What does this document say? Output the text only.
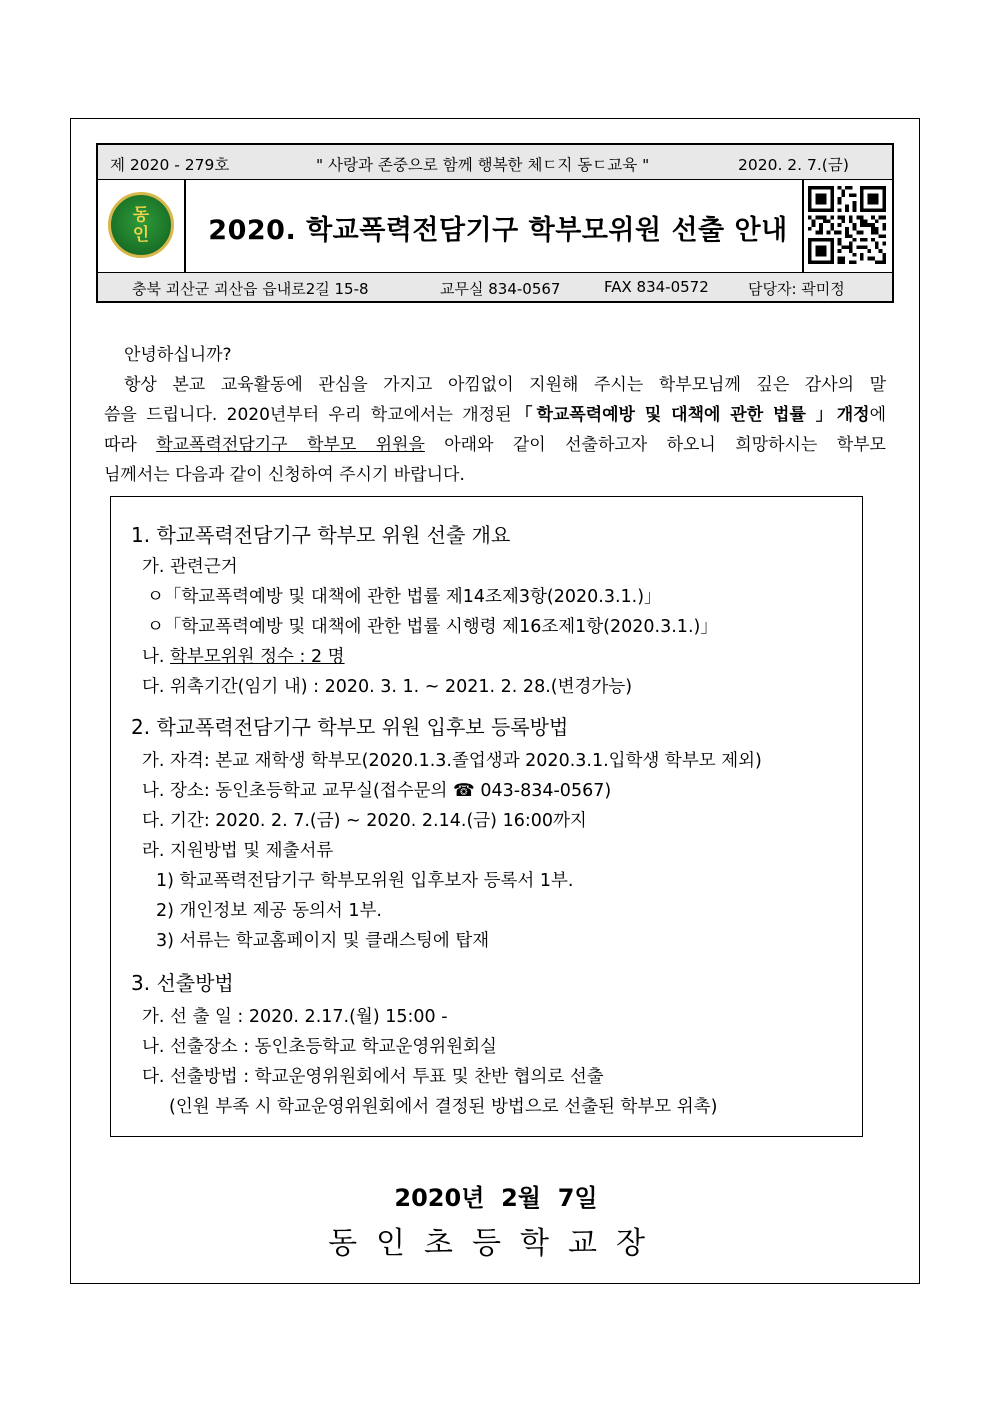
제 2020 - 279호	" 사랑과 존중으로 함께 행복한 체ㄷ지 동ㄷ교육 "	2020. 2. 7.(금)
동
인	2020. 학교폭력전담기구 학부모위원 선출 안내
충북 괴산군 괴산읍 읍내로2길 15-8	교무실 834-0567	FAX 834-0572	담당자: 곽미정

안녕하십니까?

항상 본교 교육활동에 관심을 가지고 아낌없이 지원해 주시는 학부모님께 깊은 감사의 말

씀을 드립니다. 2020년부터 우리 학교에서는 개정된「학교폭력예방 및 대책에 관한 법률 」개정에

따라 학교폭력전담기구 학부모 위원을 아래와 같이 선출하고자 하오니 희망하시는 학부모

님께서는 다음과 같이 신청하여 주시기 바랍니다.

1. 학교폭력전담기구 학부모 위원 선출 개요
가. 관련근거
ㅇ「학교폭력예방 및 대책에 관한 법률 제14조제3항(2020.3.1.)」
ㅇ「학교폭력예방 및 대책에 관한 법률 시행령 제16조제1항(2020.3.1.)」
나. 학부모위원 정수 : 2 명
다. 위촉기간(임기 내) : 2020. 3. 1. ~ 2021. 2. 28.(변경가능)
2. 학교폭력전담기구 학부모 위원 입후보 등록방법
가. 자격: 본교 재학생 학부모(2020.1.3.졸업생과 2020.3.1.입학생 학부모 제외)
나. 장소: 동인초등학교 교무실(접수문의 ☎ 043-834-0567)
다. 기간: 2020. 2. 7.(금) ~ 2020. 2.14.(금) 16:00까지
라. 지원방법 및 제출서류
1) 학교폭력전담기구 학부모위원 입후보자 등록서 1부.
2) 개인정보 제공 동의서 1부.
3) 서류는 학교홈페이지 및 클래스팅에 탑재
3. 선출방법
가. 선 출 일 : 2020. 2.17.(월) 15:00 -
나. 선출장소 : 동인초등학교 학교운영위원회실
다. 선출방법 : 학교운영위원회에서 투표 및 찬반 협의로 선출
(인원 부족 시 학교운영위원회에서 결정된 방법으로 선출된 학부모 위촉)
2020년  2월  7일
동인초등학교장
